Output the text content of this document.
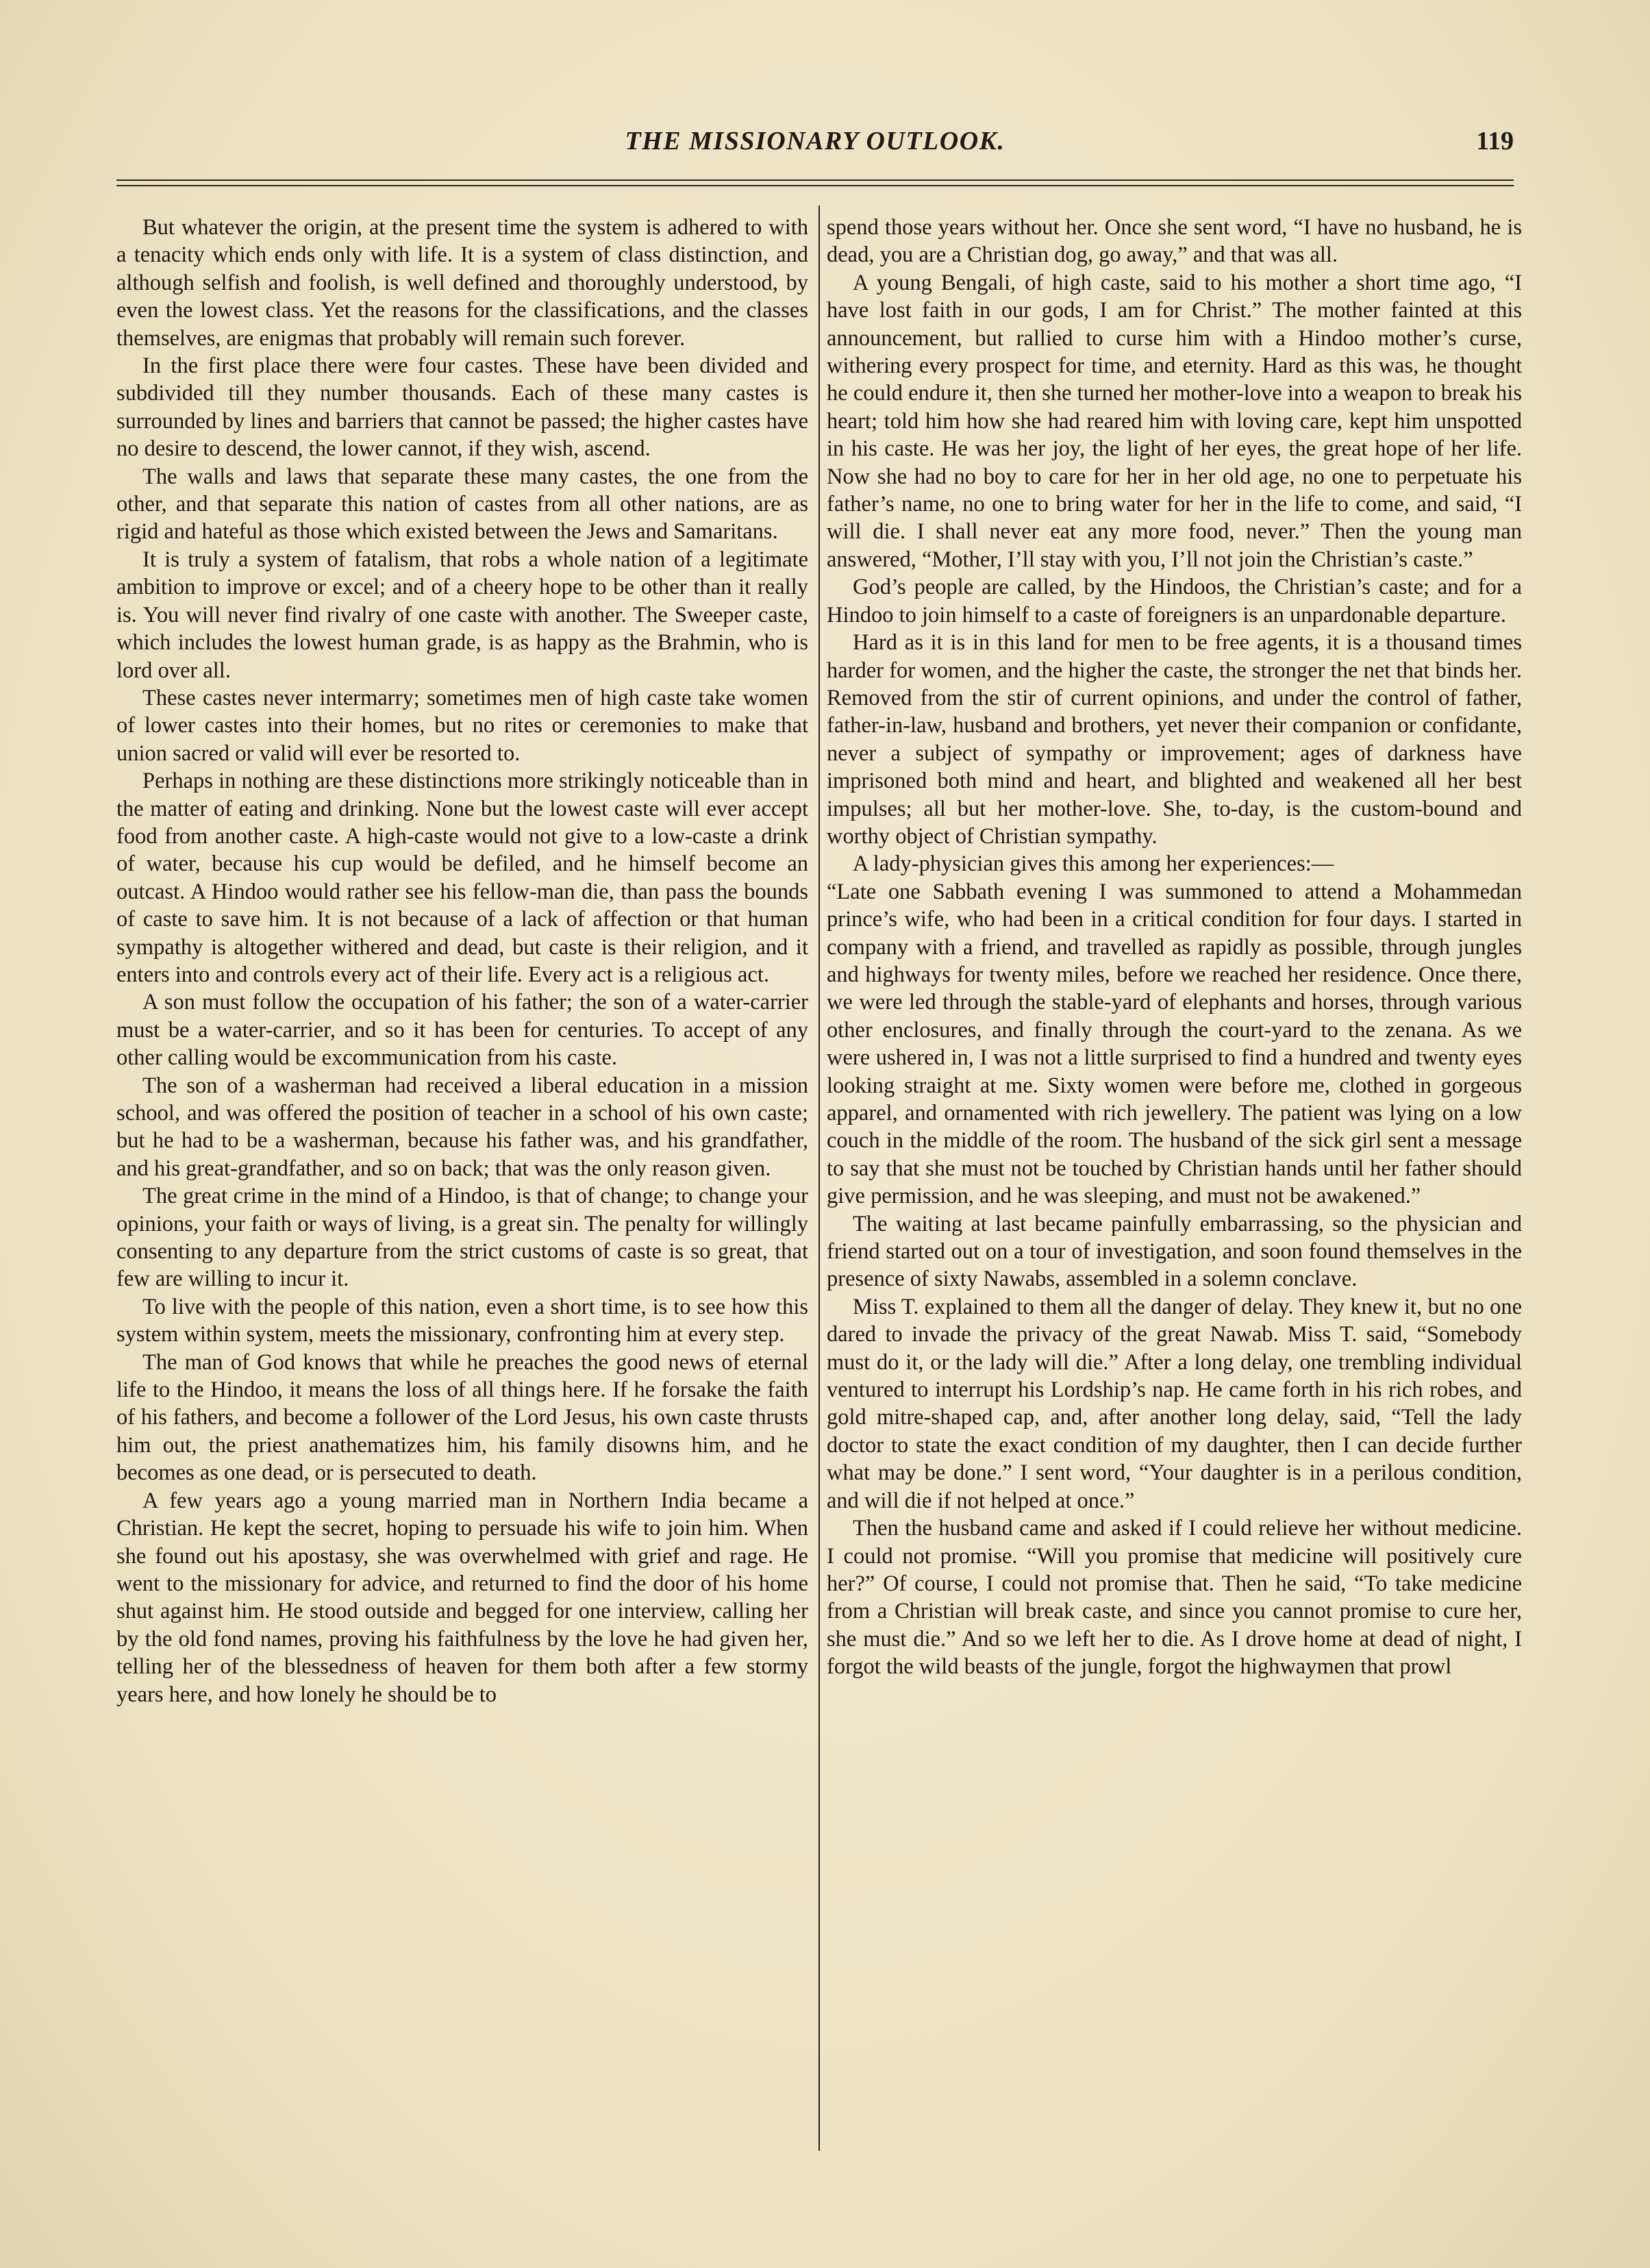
THE MISSIONARY OUTLOOK.	119

But whatever the origin, at the present time the system is adhered to with a tenacity which ends only with life. It is a system of class distinction, and although selfish and foolish, is well defined and thoroughly understood, by even the lowest class. Yet the reasons for the classifications, and the classes themselves, are enigmas that probably will remain such forever.

In the first place there were four castes. These have been divided and subdivided till they number thousands. Each of these many castes is surrounded by lines and barriers that cannot be passed; the higher castes have no desire to descend, the lower cannot, if they wish, ascend.

The walls and laws that separate these many castes, the one from the other, and that separate this nation of castes from all other nations, are as rigid and hateful as those which existed between the Jews and Samaritans.

It is truly a system of fatalism, that robs a whole nation of a legitimate ambition to improve or excel; and of a cheery hope to be other than it really is. You will never find rivalry of one caste with another. The Sweeper caste, which includes the lowest human grade, is as happy as the Brahmin, who is lord over all.

These castes never intermarry; sometimes men of high caste take women of lower castes into their homes, but no rites or ceremonies to make that union sacred or valid will ever be resorted to.

Perhaps in nothing are these distinctions more strikingly noticeable than in the matter of eating and drinking. None but the lowest caste will ever accept food from another caste. A high-caste would not give to a low-caste a drink of water, because his cup would be defiled, and he himself become an outcast. A Hindoo would rather see his fellow-man die, than pass the bounds of caste to save him. It is not because of a lack of affection or that human sympathy is altogether withered and dead, but caste is their religion, and it enters into and controls every act of their life. Every act is a religious act.

A son must follow the occupation of his father; the son of a water-carrier must be a water-carrier, and so it has been for centuries. To accept of any other calling would be excommunication from his caste.

The son of a washerman had received a liberal education in a mission school, and was offered the position of teacher in a school of his own caste; but he had to be a washerman, because his father was, and his grandfather, and his great-grandfather, and so on back; that was the only reason given.

The great crime in the mind of a Hindoo, is that of change; to change your opinions, your faith or ways of living, is a great sin. The penalty for willingly consenting to any departure from the strict customs of caste is so great, that few are willing to incur it.

To live with the people of this nation, even a short time, is to see how this system within system, meets the missionary, confronting him at every step.

The man of God knows that while he preaches the good news of eternal life to the Hindoo, it means the loss of all things here. If he forsake the faith of his fathers, and become a follower of the Lord Jesus, his own caste thrusts him out, the priest anathematizes him, his family disowns him, and he becomes as one dead, or is persecuted to death.

A few years ago a young married man in Northern India became a Christian. He kept the secret, hoping to persuade his wife to join him. When she found out his apostasy, she was overwhelmed with grief and rage. He went to the missionary for advice, and returned to find the door of his home shut against him. He stood outside and begged for one interview, calling her by the old fond names, proving his faithfulness by the love he had given her, telling her of the blessedness of heaven for them both after a few stormy years here, and how lonely he should be to

spend those years without her. Once she sent word, “I have no husband, he is dead, you are a Christian dog, go away,” and that was all.

A young Bengali, of high caste, said to his mother a short time ago, “I have lost faith in our gods, I am for Christ.” The mother fainted at this announcement, but rallied to curse him with a Hindoo mother’s curse, withering every prospect for time, and eternity. Hard as this was, he thought he could endure it, then she turned her mother-love into a weapon to break his heart; told him how she had reared him with loving care, kept him unspotted in his caste. He was her joy, the light of her eyes, the great hope of her life. Now she had no boy to care for her in her old age, no one to perpetuate his father’s name, no one to bring water for her in the life to come, and said, “I will die. I shall never eat any more food, never.” Then the young man answered, “Mother, I’ll stay with you, I’ll not join the Christian’s caste.”

God’s people are called, by the Hindoos, the Christian’s caste; and for a Hindoo to join himself to a caste of foreigners is an unpardonable departure.

Hard as it is in this land for men to be free agents, it is a thousand times harder for women, and the higher the caste, the stronger the net that binds her. Removed from the stir of current opinions, and under the control of father, father-in-law, husband and brothers, yet never their companion or confidante, never a subject of sympathy or improvement; ages of darkness have imprisoned both mind and heart, and blighted and weakened all her best impulses; all but her mother-love. She, to-day, is the custom-bound and worthy object of Christian sympathy.

A lady-physician gives this among her experiences:—

“Late one Sabbath evening I was summoned to attend a Mohammedan prince’s wife, who had been in a critical condition for four days. I started in company with a friend, and travelled as rapidly as possible, through jungles and highways for twenty miles, before we reached her residence. Once there, we were led through the stable-yard of elephants and horses, through various other enclosures, and finally through the court-yard to the zenana. As we were ushered in, I was not a little surprised to find a hundred and twenty eyes looking straight at me. Sixty women were before me, clothed in gorgeous apparel, and ornamented with rich jewellery. The patient was lying on a low couch in the middle of the room. The husband of the sick girl sent a message to say that she must not be touched by Christian hands until her father should give permission, and he was sleeping, and must not be awakened.”

The waiting at last became painfully embarrassing, so the physician and friend started out on a tour of investigation, and soon found themselves in the presence of sixty Nawabs, assembled in a solemn conclave.

Miss T. explained to them all the danger of delay. They knew it, but no one dared to invade the privacy of the great Nawab. Miss T. said, “Somebody must do it, or the lady will die.” After a long delay, one trembling individual ventured to interrupt his Lordship’s nap. He came forth in his rich robes, and gold mitre-shaped cap, and, after another long delay, said, “Tell the lady doctor to state the exact condition of my daughter, then I can decide further what may be done.” I sent word, “Your daughter is in a perilous condition, and will die if not helped at once.”

Then the husband came and asked if I could relieve her without medicine. I could not promise. “Will you promise that medicine will positively cure her?” Of course, I could not promise that. Then he said, “To take medicine from a Christian will break caste, and since you cannot promise to cure her, she must die.” And so we left her to die. As I drove home at dead of night, I forgot the wild beasts of the jungle, forgot the highwaymen that prowl
